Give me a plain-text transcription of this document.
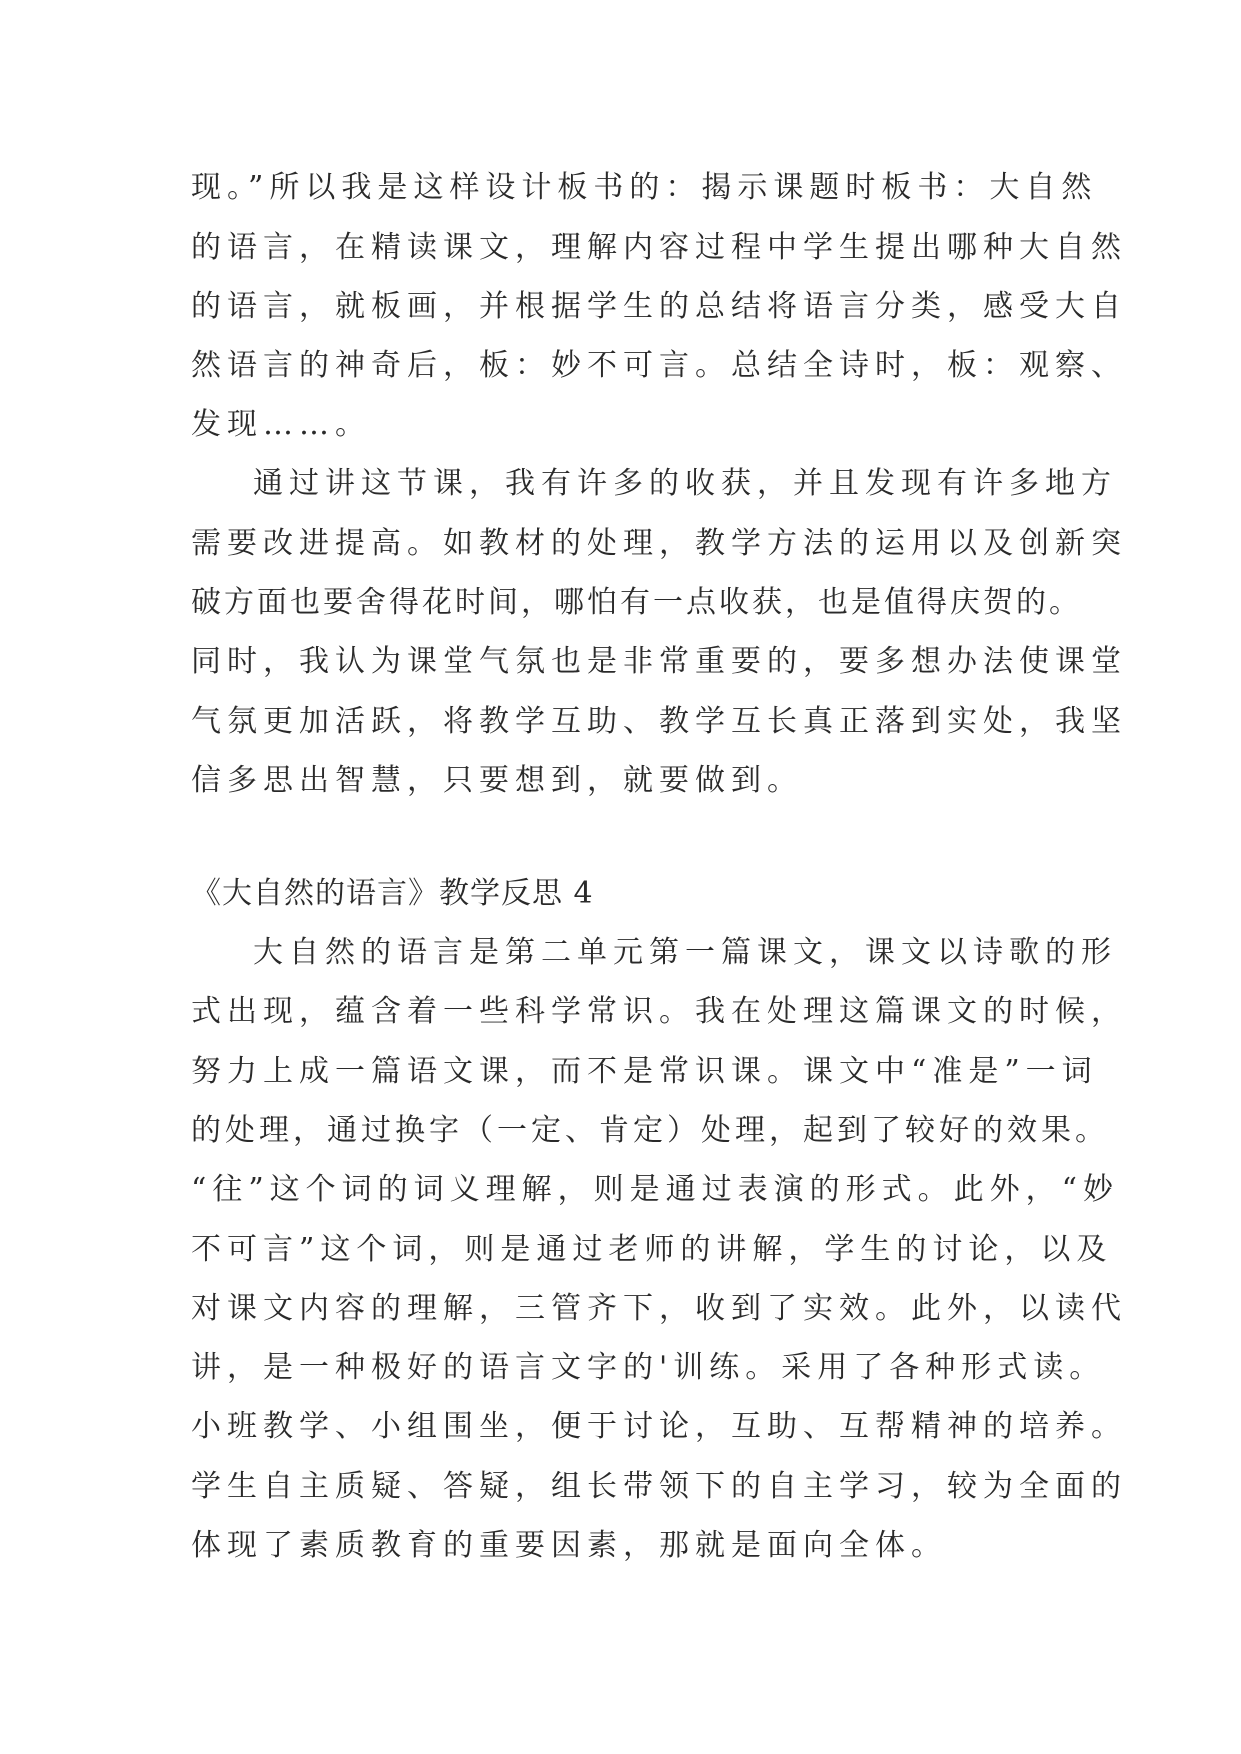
现。”所以我是这样设计板书的：揭示课题时板书：大自然
的语言，在精读课文，理解内容过程中学生提出哪种大自然
的语言，就板画，并根据学生的总结将语言分类，感受大自
然语言的神奇后，板：妙不可言。总结全诗时，板：观察、
发现……。
通过讲这节课，我有许多的收获，并且发现有许多地方
需要改进提高。如教材的处理，教学方法的运用以及创新突
破方面也要舍得花时间，哪怕有一点收获，也是值得庆贺的。
同时，我认为课堂气氛也是非常重要的，要多想办法使课堂
气氛更加活跃，将教学互助、教学互长真正落到实处，我坚
信多思出智慧，只要想到，就要做到。
《大自然的语言》教学反思 4
大自然的语言是第二单元第一篇课文，课文以诗歌的形
式出现，蕴含着一些科学常识。我在处理这篇课文的时候，
努力上成一篇语文课，而不是常识课。课文中“准是”一词
的处理，通过换字（一定、肯定）处理，起到了较好的效果。
“往”这个词的词义理解，则是通过表演的形式。此外，“妙
不可言”这个词，则是通过老师的讲解，学生的讨论，以及
对课文内容的理解，三管齐下，收到了实效。此外，以读代
讲，是一种极好的语言文字的'训练。采用了各种形式读。
小班教学、小组围坐，便于讨论，互助、互帮精神的培养。
学生自主质疑、答疑，组长带领下的自主学习，较为全面的
体现了素质教育的重要因素，那就是面向全体。
